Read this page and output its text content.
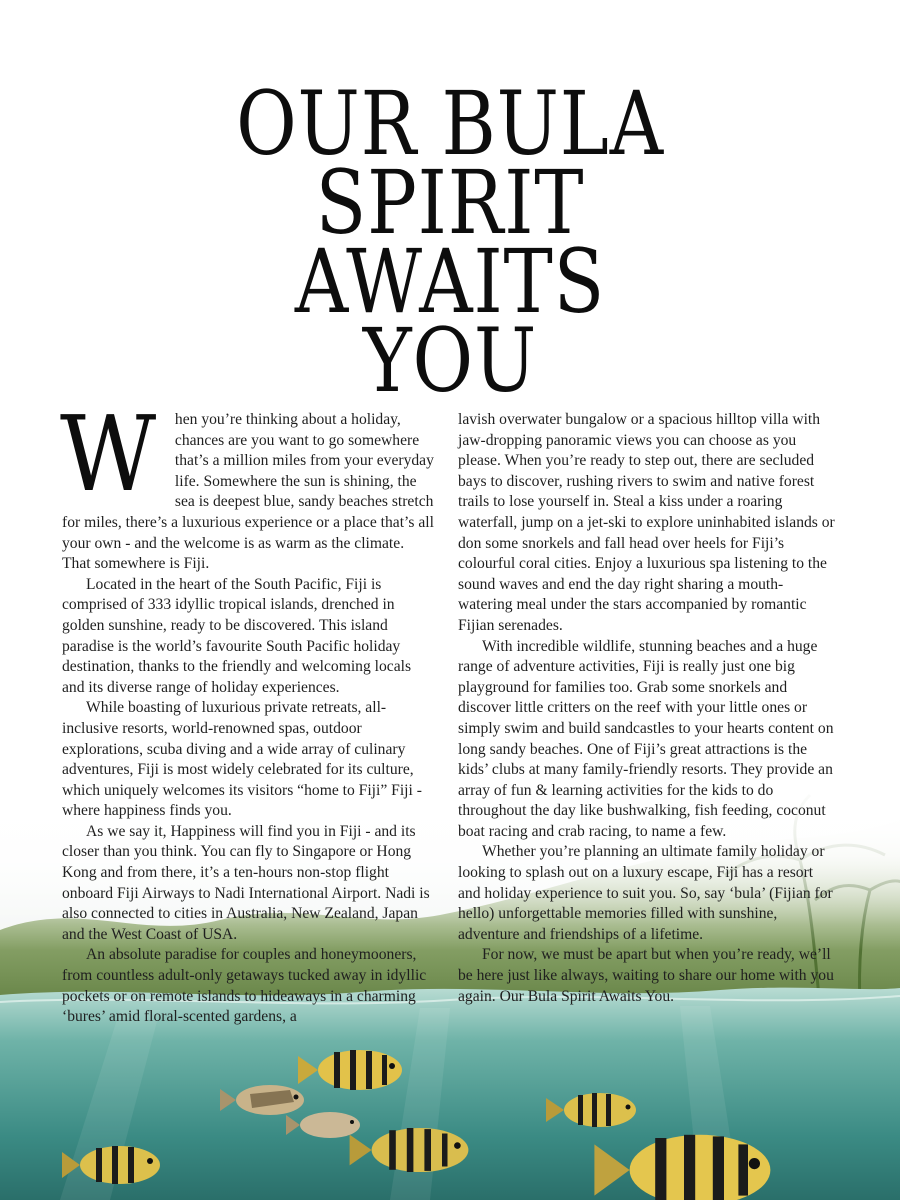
OUR BULA
SPIRIT
AWAITS
YOU

W hen you’re thinking about a holiday, chances are you want to go somewhere that’s a million miles from your everyday life. Somewhere the sun is shining, the sea is deepest blue, sandy beaches stretch for miles, there’s a luxurious experience or a place that’s all your own - and the welcome is as warm as the climate. That somewhere is Fiji.

Located in the heart of the South Pacific, Fiji is comprised of 333 idyllic tropical islands, drenched in golden sunshine, ready to be discovered. This island paradise is the world’s favourite South Pacific holiday destination, thanks to the friendly and welcoming locals and its diverse range of holiday experiences.

While boasting of luxurious private retreats, all-inclusive resorts, world-renowned spas, outdoor explorations, scuba diving and a wide array of culinary adventures, Fiji is most widely celebrated for its culture, which uniquely welcomes its visitors “home to Fiji” Fiji - where happiness finds you.

As we say it, Happiness will find you in Fiji - and its closer than you think. You can fly to Singapore or Hong Kong and from there, it’s a ten-hours non-stop flight onboard Fiji Airways to Nadi International Airport. Nadi is also connected to cities in Australia, New Zealand, Japan and the West Coast of USA.

An absolute paradise for couples and honeymooners, from countless adult-only getaways tucked away in idyllic pockets or on remote islands to hideaways in a charming ‘bures’ amid floral-scented gardens, a

lavish overwater bungalow or a spacious hilltop villa with jaw-dropping panoramic views you can choose as you please. When you’re ready to step out, there are secluded bays to discover, rushing rivers to swim and native forest trails to lose yourself in. Steal a kiss under a roaring waterfall, jump on a jet-ski to explore uninhabited islands or don some snorkels and fall head over heels for Fiji’s colourful coral cities. Enjoy a luxurious spa listening to the sound waves and end the day right sharing a mouth-watering meal under the stars accompanied by romantic Fijian serenades.

With incredible wildlife, stunning beaches and a huge range of adventure activities, Fiji is really just one big playground for families too. Grab some snorkels and discover little critters on the reef with your little ones or simply swim and build sandcastles to your hearts content on long sandy beaches. One of Fiji’s great attractions is the kids’ clubs at many family-friendly resorts. They provide an array of fun & learning activities for the kids to do throughout the day like bushwalking, fish feeding, coconut boat racing and crab racing, to name a few.

Whether you’re planning an ultimate family holiday or looking to splash out on a luxury escape, Fiji has a resort and holiday experience to suit you. So, say ‘bula’ (Fijian for hello) unforgettable memories filled with sunshine, adventure and friendships of a lifetime.

For now, we must be apart but when you’re ready, we’ll be here just like always, waiting to share our home with you again. Our Bula Spirit Awaits You.
